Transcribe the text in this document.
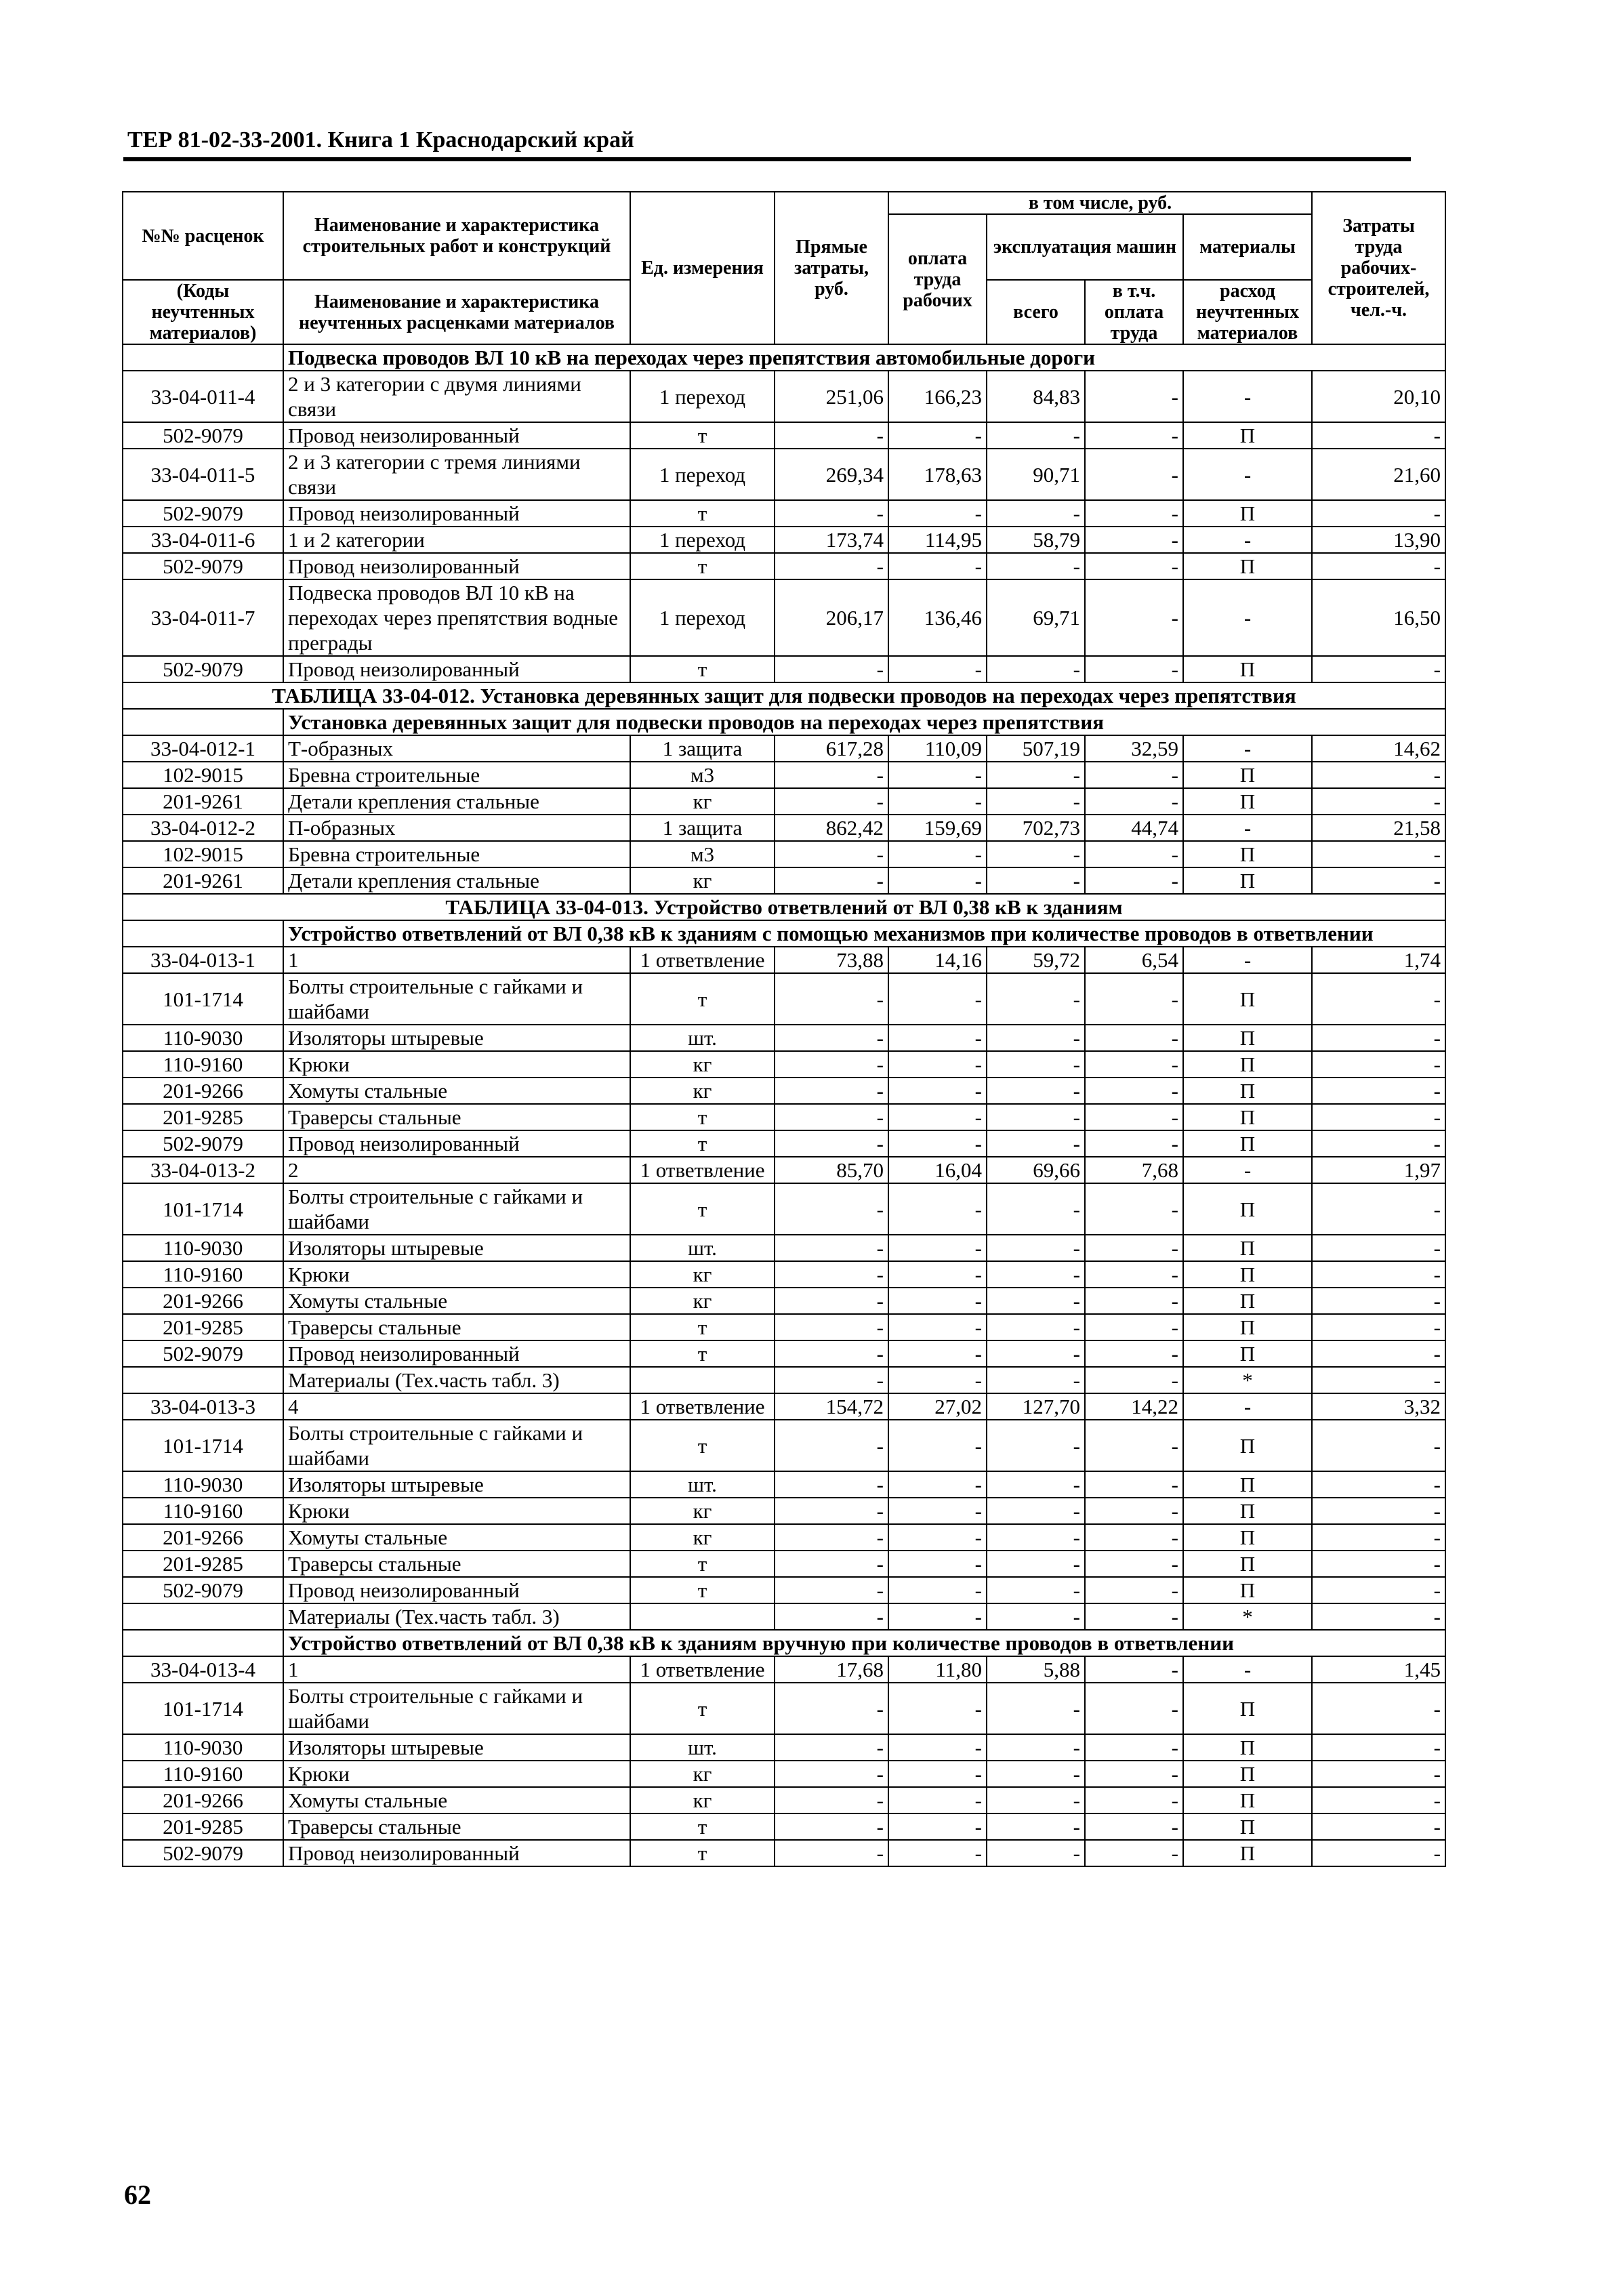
ТЕР 81-02-33-2001. Книга 1 Краснодарский край
№№ расценок	Наименование и характеристика строительных работ и конструкций	Ед. измерения	Прямые затраты, руб.	в том числе, руб.				Затраты труда рабочих-строителей, чел.-ч.
				оплата труда рабочих	эксплуатация машин		материалы	
(Коды неучтенных материалов)	Наименование и характеристика неучтенных расценками материалов				всего	в т.ч. оплата труда	расход неучтенных материалов	

	Подвеска проводов ВЛ 10 кВ на переходах через препятствия автомобильные дороги							
33-04-011-4	2 и 3 категории с двумя линиями связи	1 переход	251,06	166,23	84,83	-	-	20,10
502-9079	Провод неизолированный	т	-	-	-	-	П	-
33-04-011-5	2 и 3 категории с тремя линиями связи	1 переход	269,34	178,63	90,71	-	-	21,60
502-9079	Провод неизолированный	т	-	-	-	-	П	-
33-04-011-6	1 и 2 категории	1 переход	173,74	114,95	58,79	-	-	13,90
502-9079	Провод неизолированный	т	-	-	-	-	П	-
33-04-011-7	Подвеска проводов ВЛ 10 кВ на переходах через препятствия водные преграды	1 переход	206,17	136,46	69,71	-	-	16,50
502-9079	Провод неизолированный	т	-	-	-	-	П	-
ТАБЛИЦА 33-04-012. Установка деревянных защит для подвески проводов на переходах через препятствия								
	Установка деревянных защит для подвески проводов на переходах через препятствия							
33-04-012-1	Т-образных	1 защита	617,28	110,09	507,19	32,59	-	14,62
102-9015	Бревна строительные	м3	-	-	-	-	П	-
201-9261	Детали крепления стальные	кг	-	-	-	-	П	-
33-04-012-2	П-образных	1 защита	862,42	159,69	702,73	44,74	-	21,58
102-9015	Бревна строительные	м3	-	-	-	-	П	-
201-9261	Детали крепления стальные	кг	-	-	-	-	П	-
ТАБЛИЦА 33-04-013. Устройство ответвлений от ВЛ 0,38 кВ к зданиям								
	Устройство ответвлений от ВЛ 0,38 кВ к зданиям с помощью механизмов при количестве проводов в ответвлении							
33-04-013-1	1	1 ответвление	73,88	14,16	59,72	6,54	-	1,74
101-1714	Болты строительные с гайками и шайбами	т	-	-	-	-	П	-
110-9030	Изоляторы штыревые	шт.	-	-	-	-	П	-
110-9160	Крюки	кг	-	-	-	-	П	-
201-9266	Хомуты стальные	кг	-	-	-	-	П	-
201-9285	Траверсы стальные	т	-	-	-	-	П	-
502-9079	Провод неизолированный	т	-	-	-	-	П	-
33-04-013-2	2	1 ответвление	85,70	16,04	69,66	7,68	-	1,97
101-1714	Болты строительные с гайками и шайбами	т	-	-	-	-	П	-
110-9030	Изоляторы штыревые	шт.	-	-	-	-	П	-
110-9160	Крюки	кг	-	-	-	-	П	-
201-9266	Хомуты стальные	кг	-	-	-	-	П	-
201-9285	Траверсы стальные	т	-	-	-	-	П	-
502-9079	Провод неизолированный	т	-	-	-	-	П	-
	Материалы (Тех.часть табл. 3)		-	-	-	-	*	-
33-04-013-3	4	1 ответвление	154,72	27,02	127,70	14,22	-	3,32
101-1714	Болты строительные с гайками и шайбами	т	-	-	-	-	П	-
110-9030	Изоляторы штыревые	шт.	-	-	-	-	П	-
110-9160	Крюки	кг	-	-	-	-	П	-
201-9266	Хомуты стальные	кг	-	-	-	-	П	-
201-9285	Траверсы стальные	т	-	-	-	-	П	-
502-9079	Провод неизолированный	т	-	-	-	-	П	-
	Материалы (Тех.часть табл. 3)		-	-	-	-	*	-
	Устройство ответвлений от ВЛ 0,38 кВ к зданиям вручную при количестве проводов в ответвлении							
33-04-013-4	1	1 ответвление	17,68	11,80	5,88	-	-	1,45
101-1714	Болты строительные с гайками и шайбами	т	-	-	-	-	П	-
110-9030	Изоляторы штыревые	шт.	-	-	-	-	П	-
110-9160	Крюки	кг	-	-	-	-	П	-
201-9266	Хомуты стальные	кг	-	-	-	-	П	-
201-9285	Траверсы стальные	т	-	-	-	-	П	-
502-9079	Провод неизолированный	т	-	-	-	-	П	-
62
